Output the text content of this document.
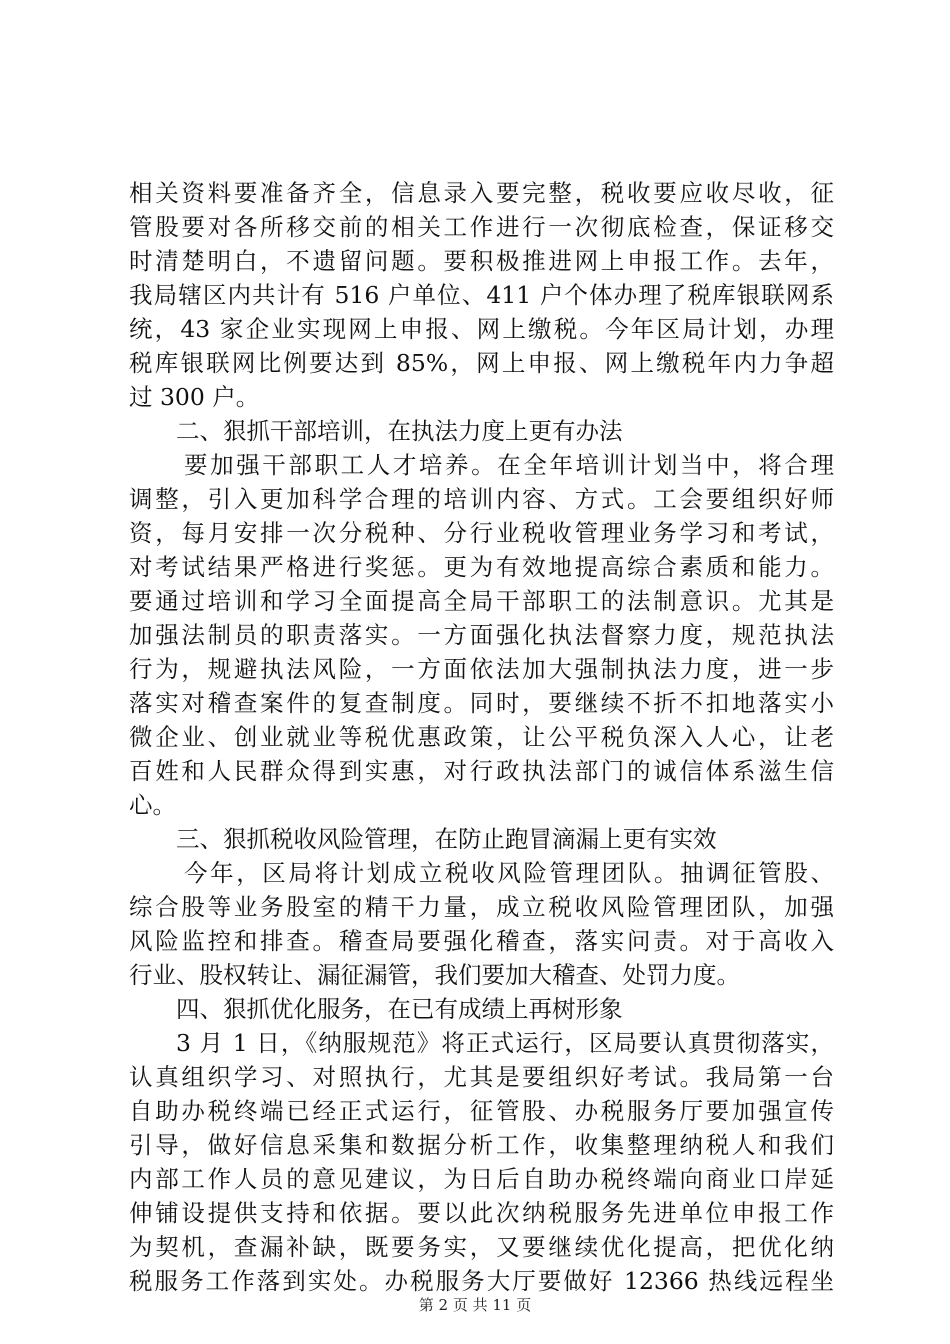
相关资料要准备齐全，信息录入要完整，税收要应收尽收，征
管股要对各所移交前的相关工作进行一次彻底检查，保证移交
时清楚明白，不遗留问题。要积极推进网上申报工作。去年，
我局辖区内共计有 516 户单位、411 户个体办理了税库银联网系
统，43 家企业实现网上申报、网上缴税。今年区局计划，办理
税库银联网比例要达到 85%，网上申报、网上缴税年内力争超
过 300 户。
二、狠抓干部培训，在执法力度上更有办法
要加强干部职工人才培养。在全年培训计划当中，将合理
调整，引入更加科学合理的培训内容、方式。工会要组织好师
资，每月安排一次分税种、分行业税收管理业务学习和考试，
对考试结果严格进行奖惩。更为有效地提高综合素质和能力。
要通过培训和学习全面提高全局干部职工的法制意识。尤其是
加强法制员的职责落实。一方面强化执法督察力度，规范执法
行为，规避执法风险，一方面依法加大强制执法力度，进一步
落实对稽查案件的复查制度。同时，要继续不折不扣地落实小
微企业、创业就业等税优惠政策，让公平税负深入人心，让老
百姓和人民群众得到实惠，对行政执法部门的诚信体系滋生信
心。
三、狠抓税收风险管理，在防止跑冒滴漏上更有实效
今年，区局将计划成立税收风险管理团队。抽调征管股、
综合股等业务股室的精干力量，成立税收风险管理团队，加强
风险监控和排查。稽查局要强化稽查，落实问责。对于高收入
行业、股权转让、漏征漏管，我们要加大稽查、处罚力度。
四、狠抓优化服务，在已有成绩上再树形象
3 月 1 日，《纳服规范》将正式运行，区局要认真贯彻落实，
认真组织学习、对照执行，尤其是要组织好考试。我局第一台
自助办税终端已经正式运行，征管股、办税服务厅要加强宣传
引导，做好信息采集和数据分析工作，收集整理纳税人和我们
内部工作人员的意见建议，为日后自助办税终端向商业口岸延
伸铺设提供支持和依据。要以此次纳税服务先进单位申报工作
为契机，查漏补缺，既要务实，又要继续优化提高，把优化纳
税服务工作落到实处。办税服务大厅要做好 12366 热线远程坐
第 2 页 共 11 页
